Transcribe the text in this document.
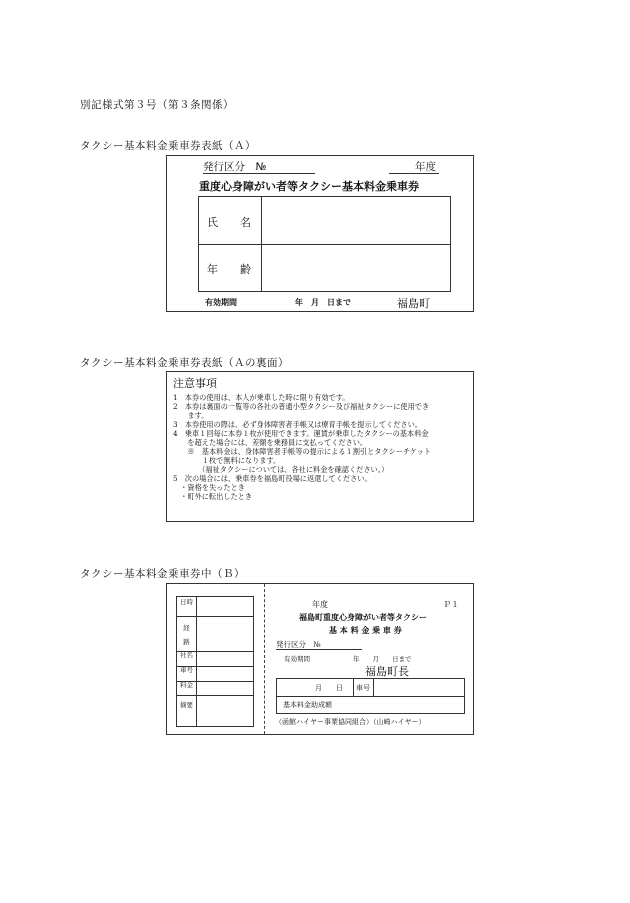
別記様式第３号（第３条関係）
タクシー基本料金乗車券表紙（Ａ）
発行区分　№	年度
重度心身障がい者等タクシー基本料金乗車券
氏　　名
年　　齢
有効期間	年　月　日まで	福島町
タクシー基本料金乗車券表紙（Ａの裏面）
注意事項
1　本券の使用は、本人が乗車した時に限り有効です。
2　本券は裏面の一覧等の各社の普通小型タクシー及び福祉タクシーに使用でき
　　ます。
3　本券使用の際は、必ず身体障害者手帳又は療育手帳を提示してください。
4　乗車１回毎に本券１枚が使用できます。運賃が乗車したタクシーの基本料金
　　を超えた場合には、差額を乗務員に支払ってください。
　　※　基本料金は、身体障害者手帳等の提示による１割引とタクシーチケット
　　　　１枚で無料になります。
　　　　（福祉タクシーについては、各社に料金を確認ください。）
5　次の場合には、乗車券を福島町役場に返還してください。
　・資格を失ったとき
　・町外に転出したとき
タクシー基本料金乗車券中（Ｂ）
日時
経　　路
社名
車号
料金
摘要
年度	Ｐ１
福島町重度心身障がい者等タクシー
基 本 料 金 乗 車 券
発行区分　№
有効期間	年　　月　　日まで
福島町長
月　　日 車号
基本料金助成額
（函館ハイヤー事業協同組合）（山崎ハイヤー）
